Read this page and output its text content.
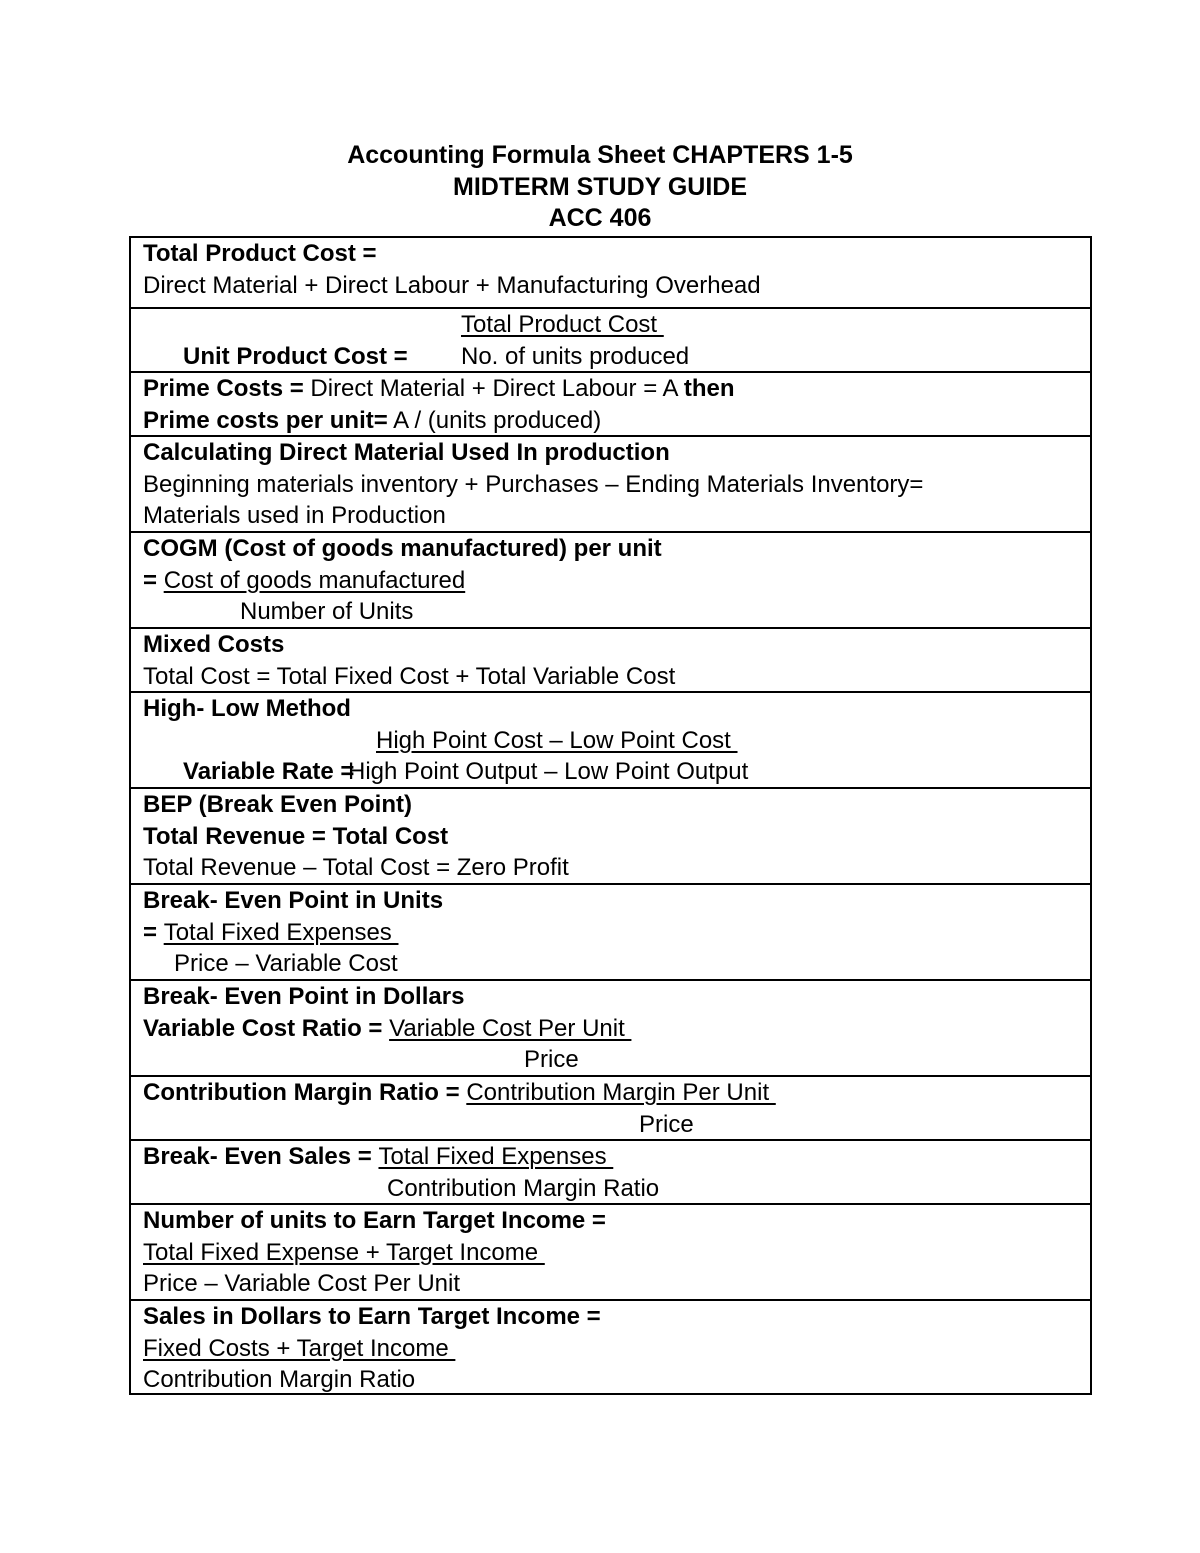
Accounting Formula Sheet CHAPTERS 1-5
MIDTERM STUDY GUIDE
ACC 406
Total Product Cost =
Direct Material + Direct Labour + Manufacturing Overhead

Unit Product Cost =

Total Product Cost

No. of units produced

Prime Costs = Direct Material + Direct Labour = A then
Prime costs per unit= A / (units produced)
Calculating Direct Material Used In production
Beginning materials inventory + Purchases – Ending Materials Inventory=
Materials used in Production
COGM (Cost of goods manufactured) per unit
= Cost of goods manufactured
Number of Units
Mixed Costs
Total Cost = Total Fixed Cost + Total Variable Cost
High- Low Method

Variable Rate =

High Point Cost – Low Point Cost

High Point Output – Low Point Output
BEP (Break Even Point)
Total Revenue = Total Cost
Total Revenue – Total Cost = Zero Profit
Break- Even Point in Units
= Total Fixed Expenses
Price – Variable Cost
Break- Even Point in Dollars
Variable Cost Ratio = Variable Cost Per Unit
Price
Contribution Margin Ratio = Contribution Margin Per Unit
Price
Break- Even Sales = Total Fixed Expenses
Contribution Margin Ratio
Number of units to Earn Target Income =
Total Fixed Expense + Target Income
Price – Variable Cost Per Unit
Sales in Dollars to Earn Target Income =
Fixed Costs + Target Income
Contribution Margin Ratio
